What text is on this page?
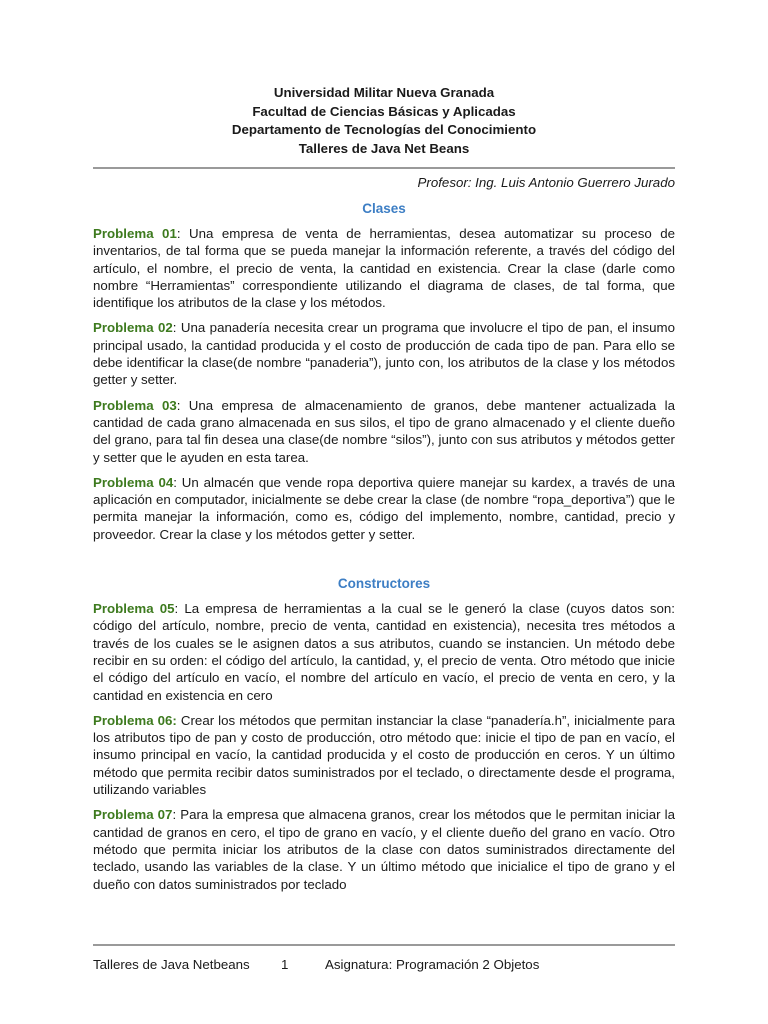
Universidad Militar Nueva Granada
Facultad de Ciencias Básicas y Aplicadas
Departamento de Tecnologías del Conocimiento
Talleres de Java Net Beans
Profesor: Ing. Luis Antonio Guerrero Jurado
Clases

Problema 01: Una empresa de venta de herramientas, desea automatizar su proceso de inventarios, de tal forma que se pueda manejar la información referente, a través del código del artículo, el nombre, el precio de venta, la cantidad en existencia. Crear la clase (darle como nombre “Herramientas” correspondiente utilizando el diagrama de clases, de tal forma, que identifique los atributos de la clase y los métodos.

Problema 02: Una panadería necesita crear un programa que involucre el tipo de pan, el insumo principal usado, la cantidad producida y el costo de producción de cada tipo de pan. Para ello se debe identificar la clase(de nombre “panaderia”), junto con, los atributos de la clase y los métodos getter y setter.

Problema 03: Una empresa de almacenamiento de granos, debe mantener actualizada la cantidad de cada grano almacenada en sus silos, el tipo de grano almacenado y el cliente dueño del grano, para tal fin desea una clase(de nombre “silos”), junto con sus atributos y métodos getter y setter que le ayuden en esta tarea.

Problema 04: Un almacén que vende ropa deportiva quiere manejar su kardex, a través de una aplicación en computador, inicialmente se debe crear la clase (de nombre “ropa_deportiva”) que le permita manejar la información, como es, código del implemento, nombre, cantidad, precio y proveedor. Crear la clase y los métodos getter y setter.

Constructores

Problema 05: La empresa de herramientas a la cual se le generó la clase (cuyos datos son: código del artículo, nombre, precio de venta, cantidad en existencia), necesita tres métodos a través de los cuales se le asignen datos a sus atributos, cuando se instancien. Un método debe recibir en su orden: el código del artículo, la cantidad, y, el precio de venta. Otro método que inicie el código del artículo en vacío, el nombre del artículo en vacío, el precio de venta en cero, y la cantidad en existencia en cero

Problema 06: Crear los métodos que permitan instanciar la clase “panadería.h”, inicialmente para los atributos tipo de pan y costo de producción, otro método que: inicie el tipo de pan en vacío, el insumo principal en vacío, la cantidad producida y el costo de producción en ceros. Y un último método que permita recibir datos suministrados por el teclado, o directamente desde el programa, utilizando variables

Problema 07: Para la empresa que almacena granos, crear los métodos que le permitan iniciar la cantidad de granos en cero, el tipo de grano en vacío, y el cliente dueño del grano en vacío. Otro método que permita iniciar los atributos de la clase con datos suministrados directamente del teclado, usando las variables de la clase. Y un último método que inicialice el tipo de grano y el dueño con datos suministrados por teclado

Talleres de Java Netbeans 1	Asignatura: Programación 2 Objetos
